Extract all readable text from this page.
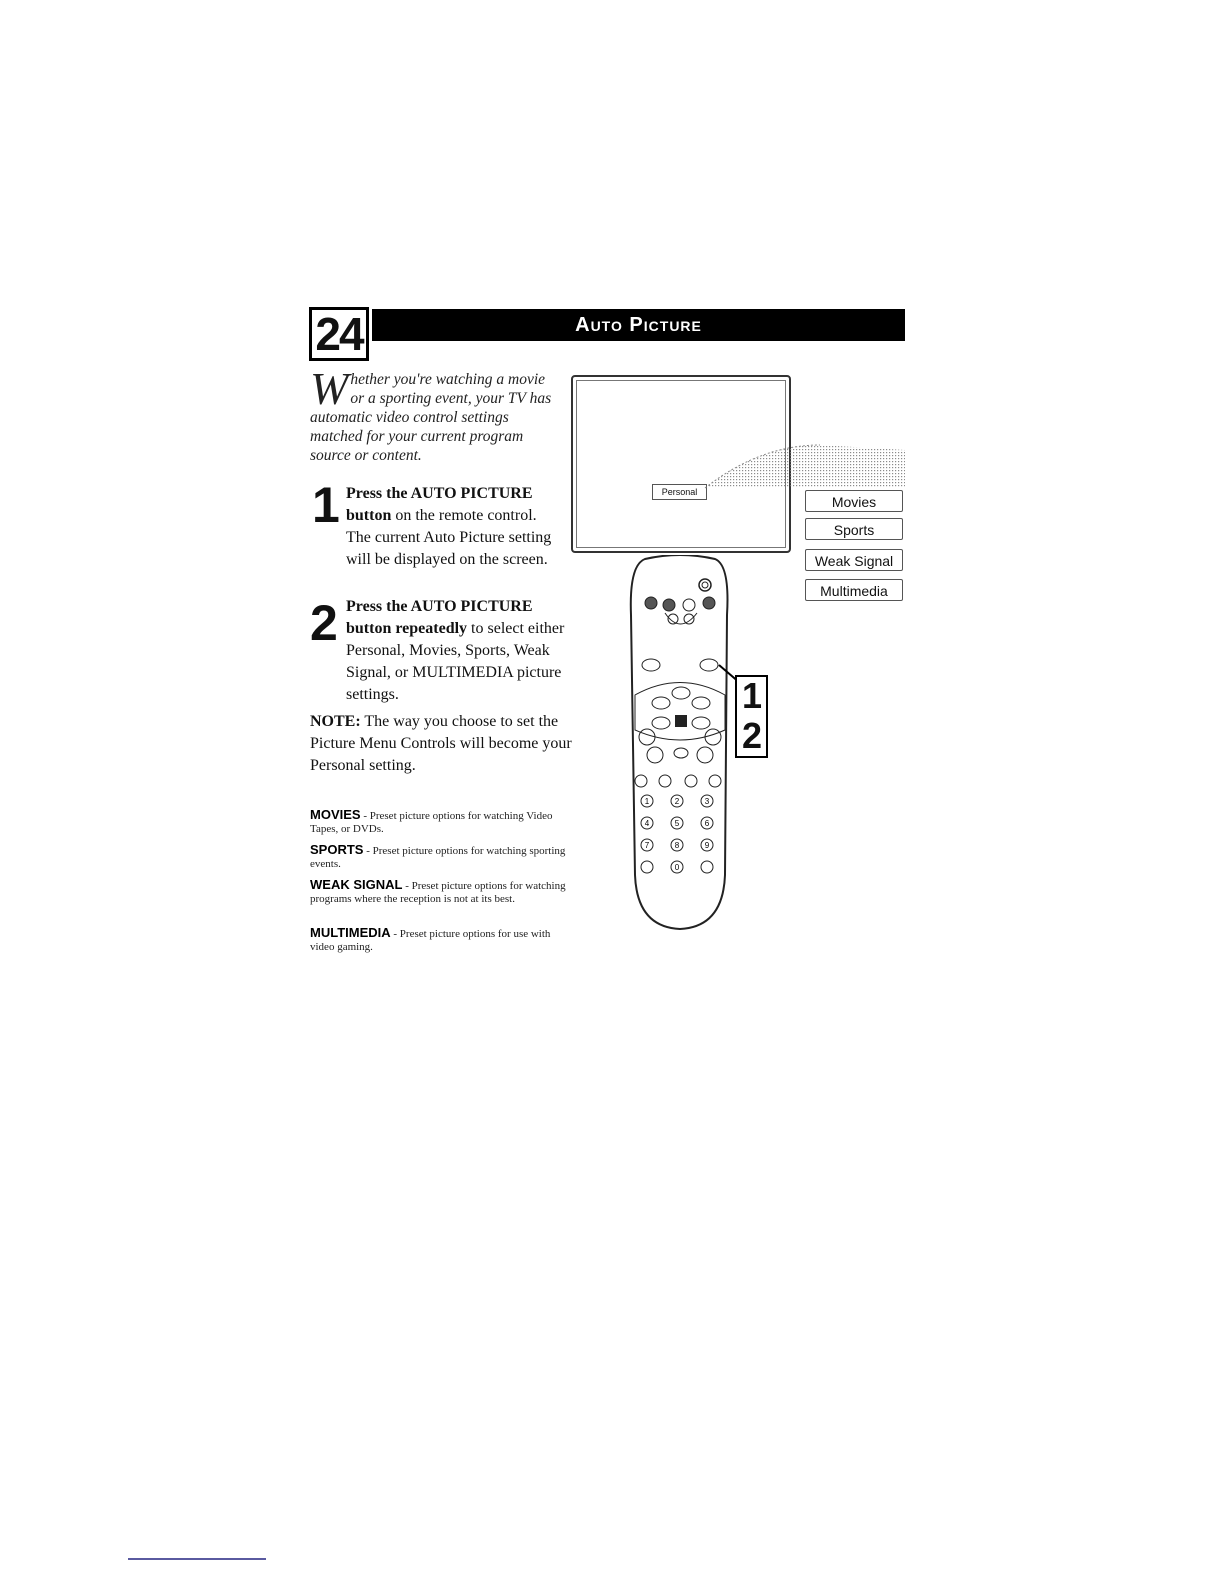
24	Auto Picture
W hether you're watching a movie or a sporting event, your TV has automatic video control settings matched for your current program source or content.
1 Press the AUTO PICTURE button on the remote control. The current Auto Picture setting will be displayed on the screen.
2 Press the AUTO PICTURE button repeatedly to select either Personal, Movies, Sports, Weak Signal, or MULTIMEDIA picture settings.
NOTE: The way you choose to set the Picture Menu Controls will become your Personal setting.
MOVIES - Preset picture options for watching Video Tapes, or DVDs.
SPORTS - Preset picture options for watching sporting events.
WEAK SIGNAL - Preset picture options for watching programs where the reception is not at its best.
MULTIMEDIA - Preset picture options for use with video gaming.
Personal
Movies
Sports
Weak Signal
Multimedia
1	2	3
4	5	6
7	8	9
0
1
2
